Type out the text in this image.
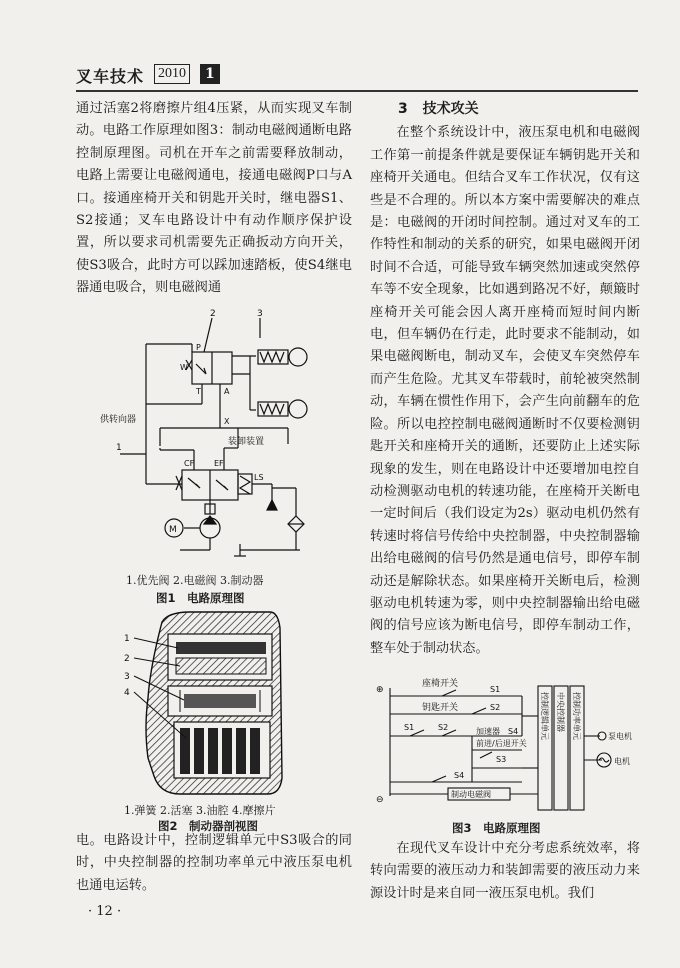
叉车技术 2010	1

通过活塞2将磨擦片组4压紧，从而实现叉车制动。电路工作原理如图3：制动电磁阀通断电路控制原理图。司机在开车之前需要释放制动，电路上需要让电磁阀通电，接通电磁阀P口与A口。接通座椅开关和钥匙开关时，继电器S1、S2接通；叉车电路设计中有动作顺序保护设置，所以要求司机需要先正确扳动方向开关，使S3吸合，此时方可以踩加速踏板，使S4继电器通电吸合，则电磁阀通

2	3
P
W
T	A
X
装卸装置
供转向器
1
CF EF
LS
M
1.优先阀 2.电磁阀 3.制动器
图1　电路原理图
1
2
3
4
1.弹簧 2.活塞 3.油腔 4.摩擦片
图2　制动器剖视图

电。电路设计中，控制逻辑单元中S3吸合的同时，中央控制器的控制功率单元中液压泵电机也通电运转。

3 技术攻关

在整个系统设计中，液压泵电机和电磁阀工作第一前提条件就是要保证车辆钥匙开关和座椅开关通电。但结合叉车工作状况，仅有这些是不合理的。所以本方案中需要解决的难点是：电磁阀的开闭时间控制。通过对叉车的工作特性和制动的关系的研究，如果电磁阀开闭时间不合适，可能导致车辆突然加速或突然停车等不安全现象，比如遇到路况不好，颠簸时座椅开关可能会因人离开座椅而短时间内断电，但车辆仍在行走，此时要求不能制动，如果电磁阀断电，制动叉车，会使叉车突然停车而产生危险。尤其叉车带载时，前轮被突然制动，车辆在惯性作用下，会产生向前翻车的危险。所以电控控制电磁阀通断时不仅要检测钥匙开关和座椅开关的通断，还要防止上述实际现象的发生，则在电路设计中还要增加电控自动检测驱动电机的转速功能，在座椅开关断电一定时间后（我们设定为2s）驱动电机仍然有转速时将信号传给中央控制器，中央控制器输出给电磁阀的信号仍然是通电信号，即停车制动还是解除状态。如果座椅开关断电后，检测驱动电机转速为零，则中央控制器输出给电磁阀的信号应该为断电信号，即停车制动工作，整车处于制动状态。

⊕
⊖
座椅开关
S1
钥匙开关	S2
S1	S2	加速器 S4
前进/后退开关
S3
S4
制动电磁阀
控制逻辑单元 中央控制器 控制功率单元	泵电机
电机
图3　电路原理图

在现代叉车设计中充分考虑系统效率，将转向需要的液压动力和装卸需要的液压动力来源设计时是来自同一液压泵电机。我们

· 12 ·
